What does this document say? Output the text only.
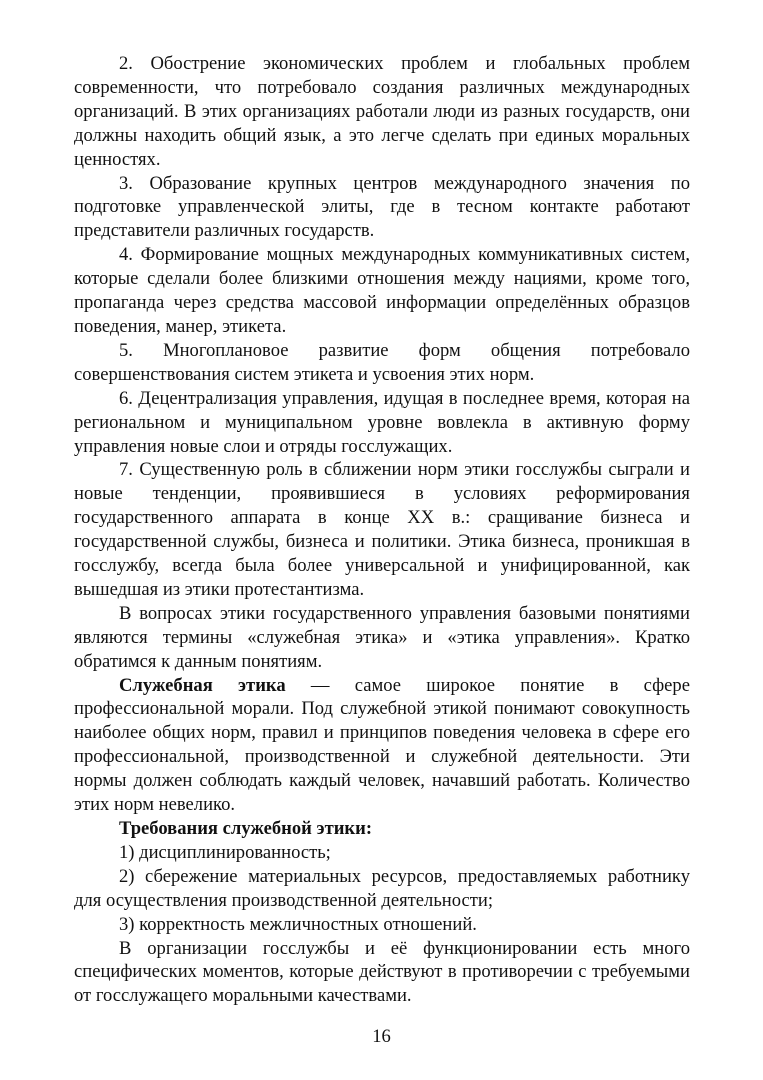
2. Обострение экономических проблем и глобальных проблем современности, что потребовало создания различных международных организаций. В этих организациях работали люди из разных государств, они должны находить общий язык, а это легче сделать при единых моральных ценностях.

3. Образование крупных центров международного значения по подготовке управленческой элиты, где в тесном контакте работают представители различных государств.

4. Формирование мощных международных коммуникативных систем, которые сделали более близкими отношения между нациями, кроме того, пропаганда через средства массовой информации определённых образцов поведения, манер, этикета.

5. Многоплановое развитие форм общения потребовало совершенствования систем этикета и усвоения этих норм.

6. Децентрализация управления, идущая в последнее время, которая на региональном и муниципальном уровне вовлекла в активную форму управления новые слои и отряды госслужащих.

7. Существенную роль в сближении норм этики госслужбы сыграли и новые тенденции, проявившиеся в условиях реформирования государственного аппарата в конце XX в.: сращивание бизнеса и государственной службы, бизнеса и политики. Этика бизнеса, проникшая в госслужбу, всегда была более универсальной и унифицированной, как вышедшая из этики протестантизма.

В вопросах этики государственного управления базовыми понятиями являются термины «служебная этика» и «этика управления». Кратко обратимся к данным понятиям.

Служебная этика — самое широкое понятие в сфере профессиональной морали. Под служебной этикой понимают совокупность наиболее общих норм, правил и принципов поведения человека в сфере его профессиональной, производственной и служебной деятельности. Эти нормы должен соблюдать каждый человек, начавший работать. Количество этих норм невелико.

Требования служебной этики:

1) дисциплинированность;

2) сбережение материальных ресурсов, предоставляемых работнику для осуществления производственной деятельности;

3) корректность межличностных отношений.

В организации госслужбы и её функционировании есть много специфических моментов, которые действуют в противоречии с требуемыми от госслужащего моральными качествами.

16
